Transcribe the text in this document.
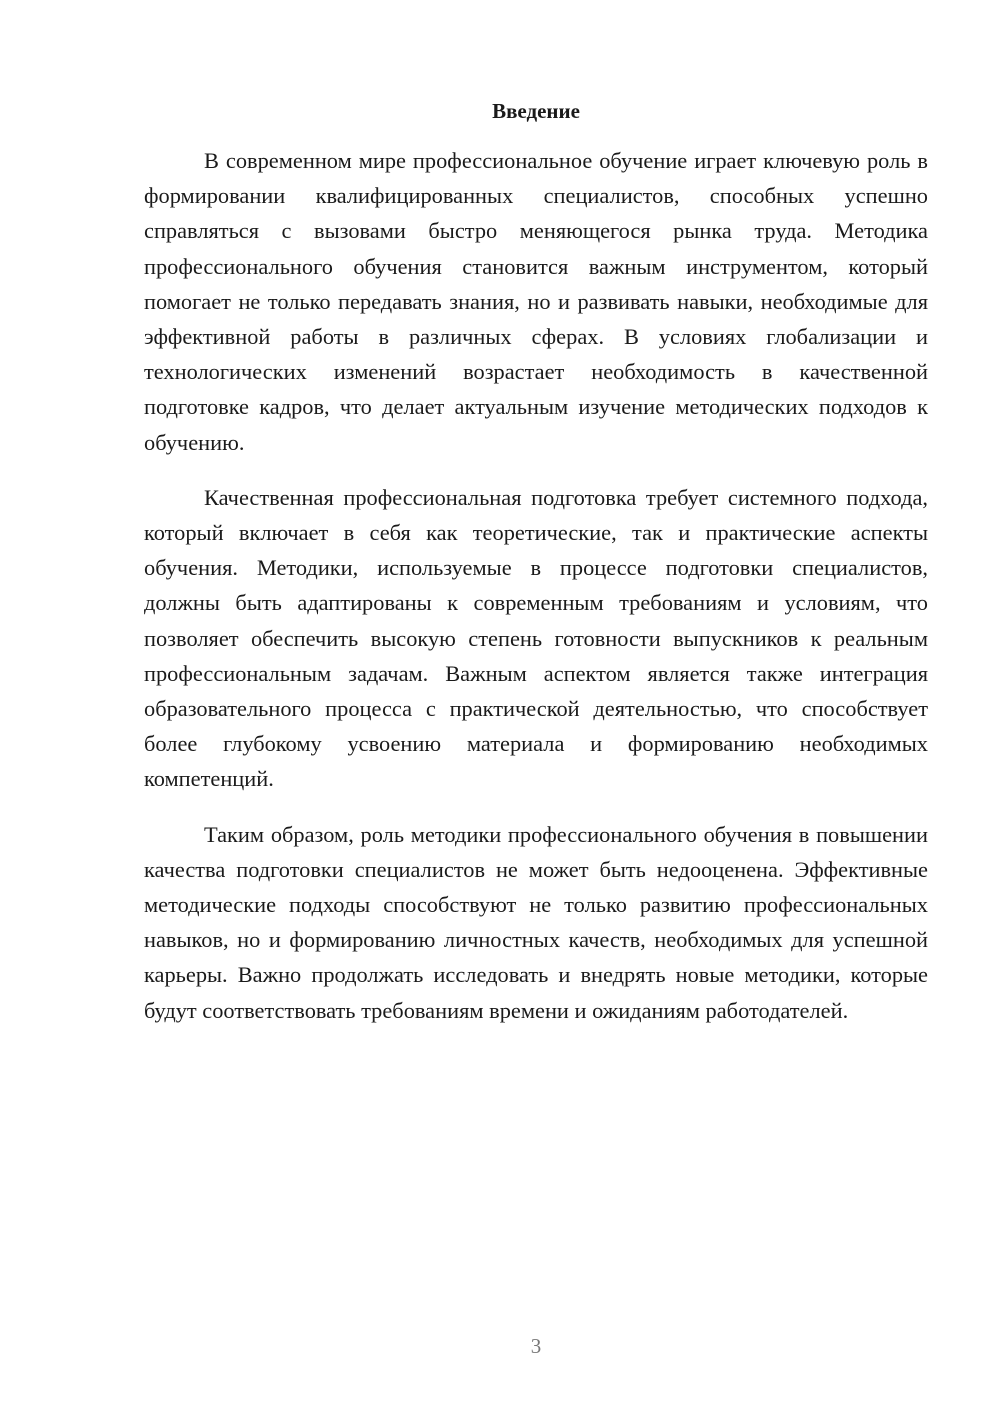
Введение

В современном мире профессиональное обучение играет ключевую роль в формировании квалифицированных специалистов, способных успешно справляться с вызовами быстро меняющегося рынка труда. Методика профессионального обучения становится важным инструментом, который помогает не только передавать знания, но и развивать навыки, необходимые для эффективной работы в различных сферах. В условиях глобализации и технологических изменений возрастает необходимость в качественной подготовке кадров, что делает актуальным изучение методических подходов к обучению.

Качественная профессиональная подготовка требует системного подхода, который включает в себя как теоретические, так и практические аспекты обучения. Методики, используемые в процессе подготовки специалистов, должны быть адаптированы к современным требованиям и условиям, что позволяет обеспечить высокую степень готовности выпускников к реальным профессиональным задачам. Важным аспектом является также интеграция образовательного процесса с практической деятельностью, что способствует более глубокому усвоению материала и формированию необходимых компетенций.

Таким образом, роль методики профессионального обучения в повышении качества подготовки специалистов не может быть недооценена. Эффективные методические подходы способствуют не только развитию профессиональных навыков, но и формированию личностных качеств, необходимых для успешной карьеры. Важно продолжать исследовать и внедрять новые методики, которые будут соответствовать требованиям времени и ожиданиям работодателей.

3
